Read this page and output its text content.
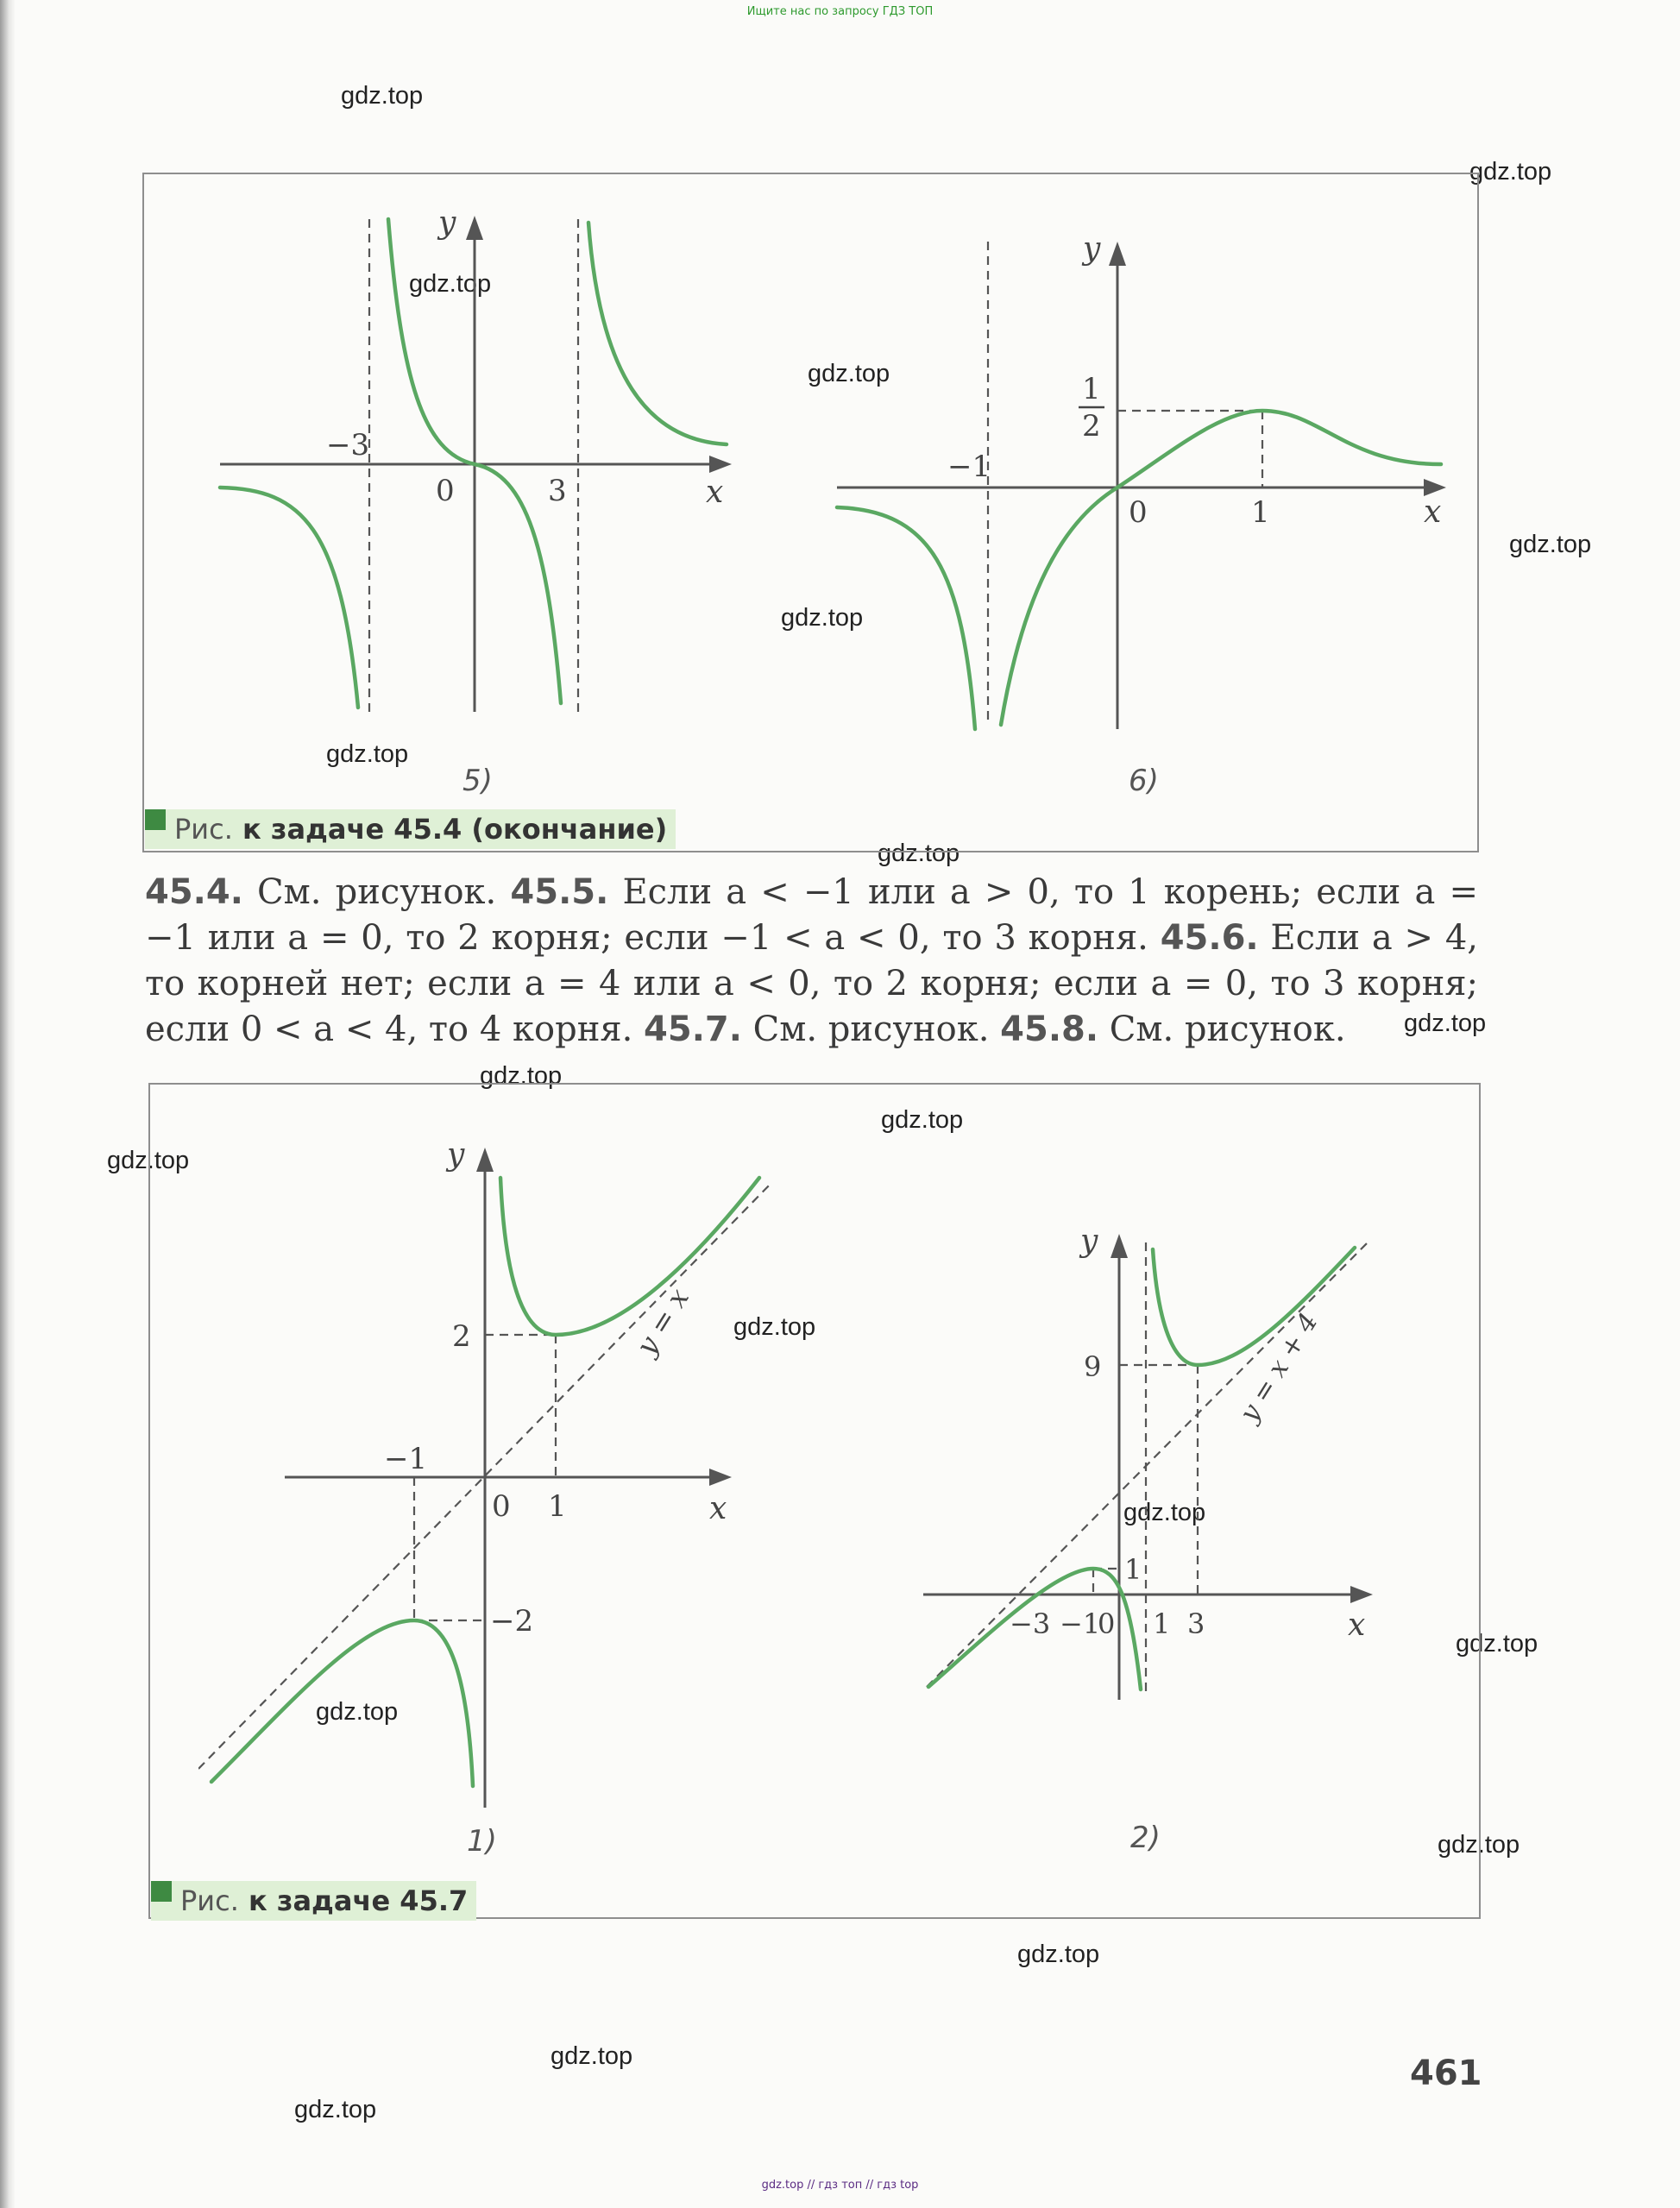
Ищите нас по запросу ГДЗ ТОП
gdz.top
gdz.top
gdz.top
gdz.top
gdz.top
gdz.top
gdz.top
gdz.top
gdz.top
gdz.top
gdz.top
gdz.top
gdz.top
gdz.top
gdz.top
gdz.top
gdz.top
gdz.top
gdz.top
gdz.top
−3
0	3	x
y
5)
−1
0	1
1
2
x
y
6)
Рис. к задаче 45.4 (окончание)
45.4. См. рисунок. 45.5. Если a < −1 или a > 0, то 1 корень; если a = −1 или a = 0, то 2 корня; если −1 < a < 0, то 3 корня. 45.6. Если a > 4, то корней нет; если a = 4 или a < 0, то 2 корня; если a = 0, то 3 корня; если 0 < a < 4, то 4 корня. 45.7. См. рисунок. 45.8. См. рисунок.
−1
0 1
2
−2
x
y
y = x
1)
−3 −1
0 1 3
1
9
x
y
y = x + 4
2)
Рис. к задаче 45.7
461
gdz.top // гдз топ // гдз top
